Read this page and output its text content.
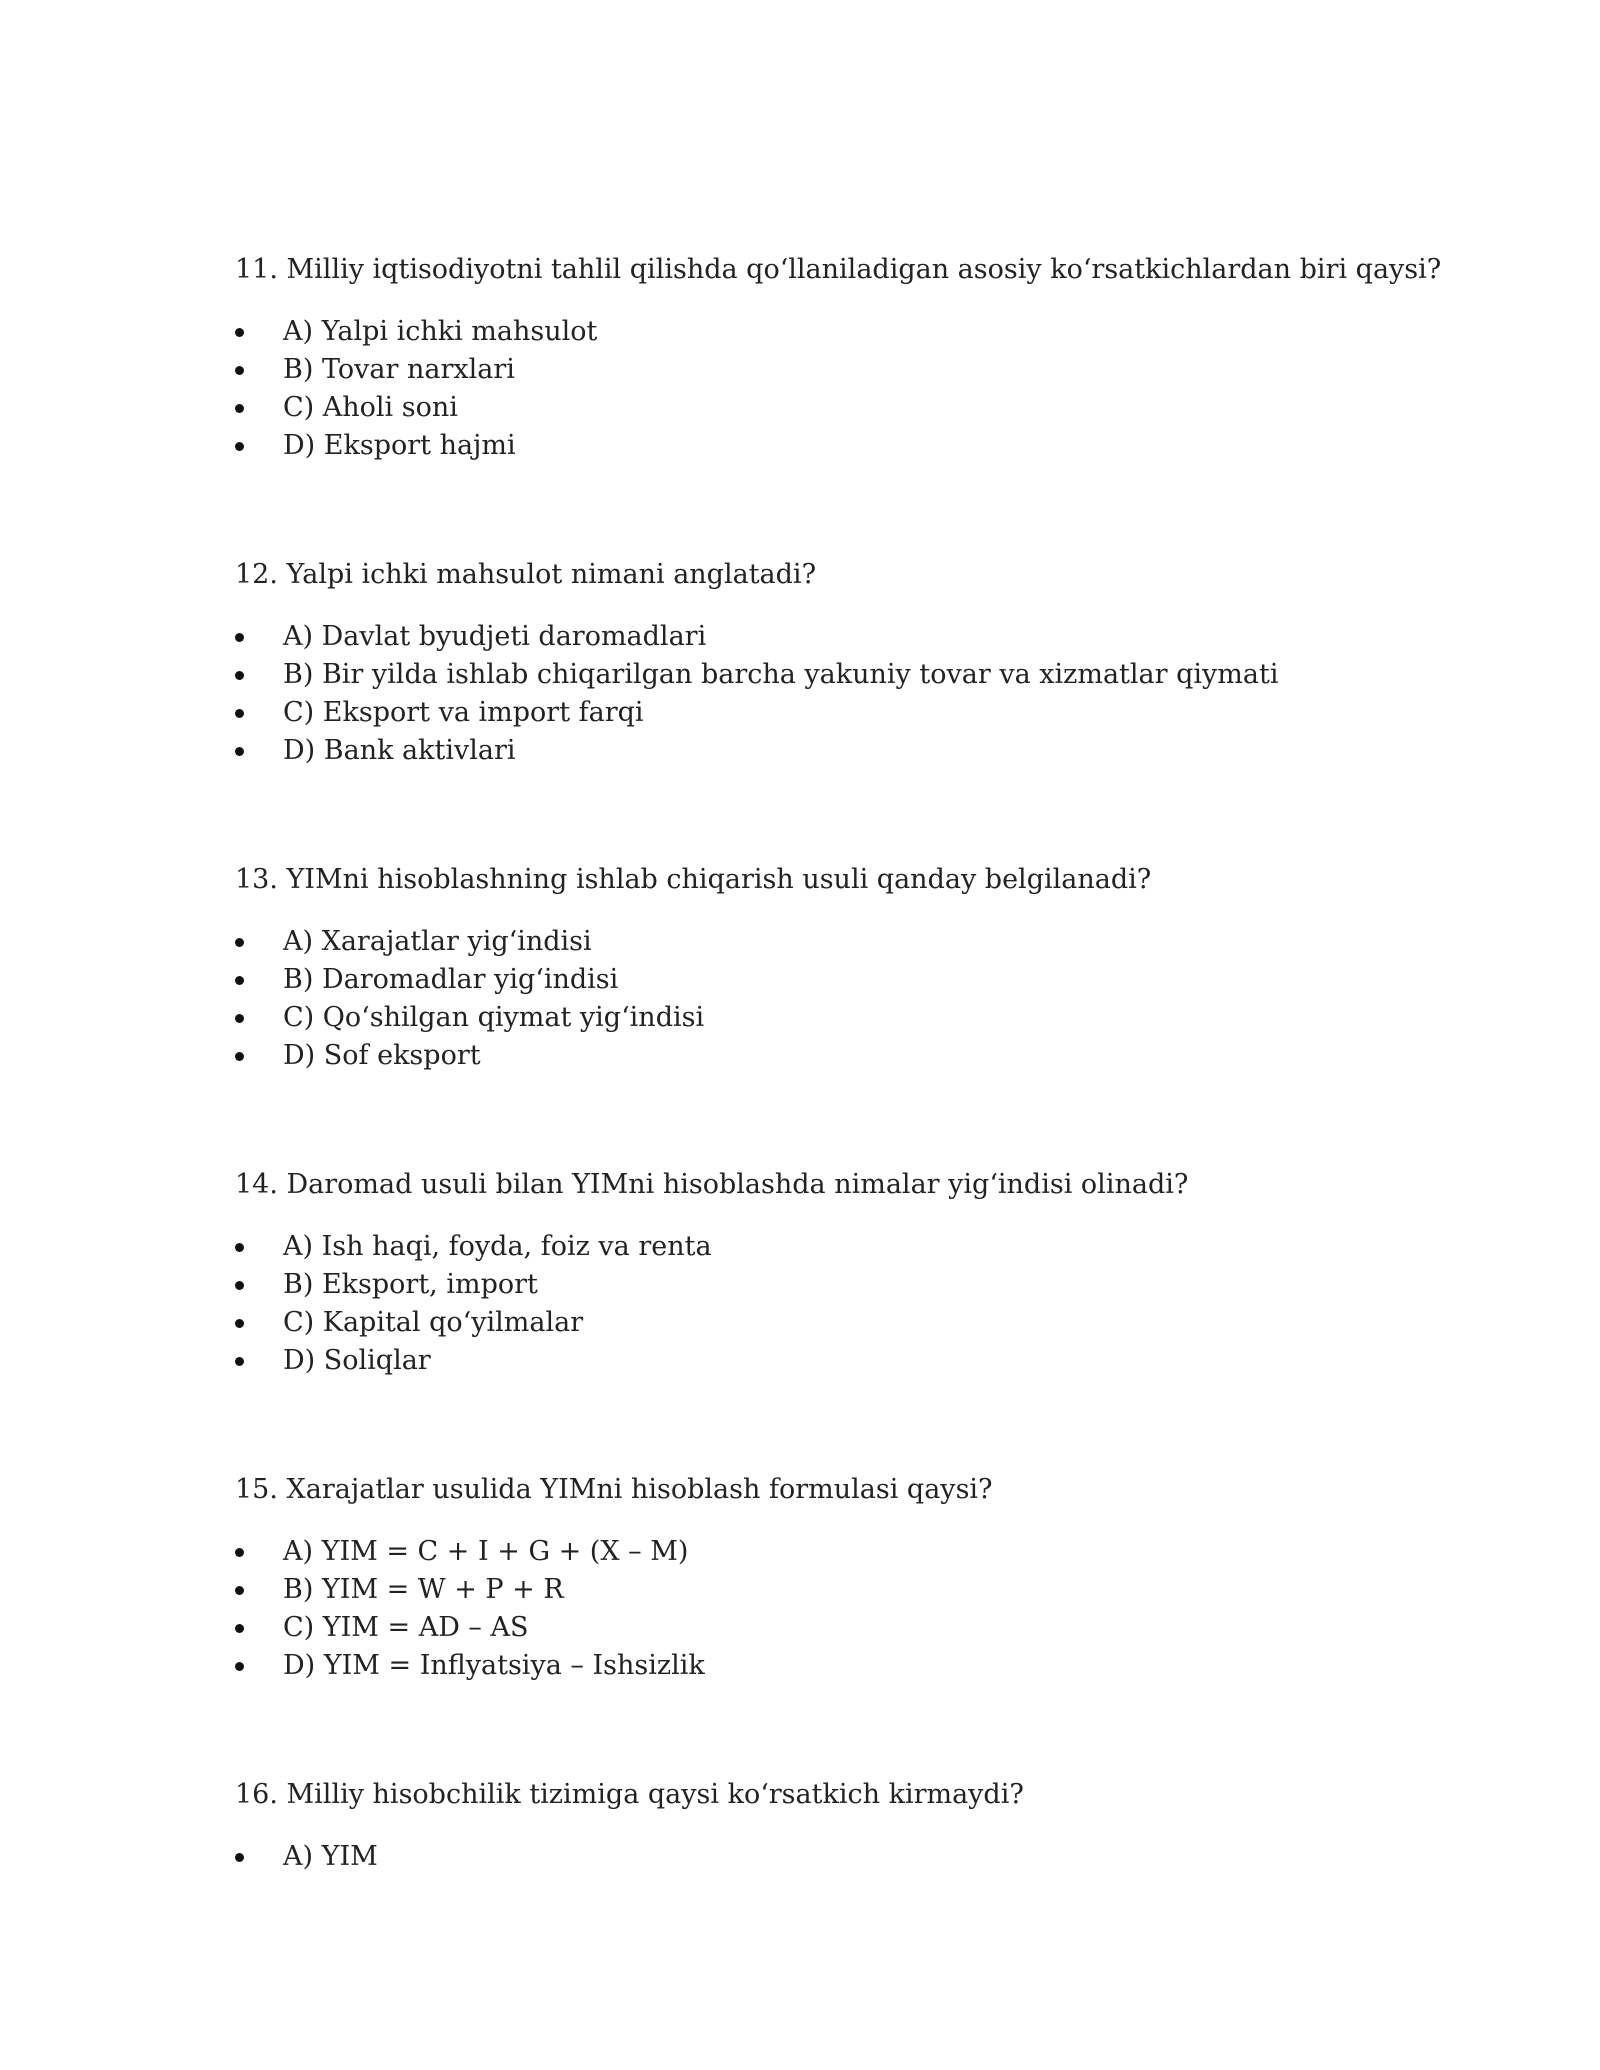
11. Milliy iqtisodiyotni tahlil qilishda qoʻllaniladigan asosiy koʻrsatkichlardan biri qaysi?

A) Yalpi ichki mahsulot
B) Tovar narxlari
C) Aholi soni
D) Eksport hajmi

12. Yalpi ichki mahsulot nimani anglatadi?

A) Davlat byudjeti daromadlari
B) Bir yilda ishlab chiqarilgan barcha yakuniy tovar va xizmatlar qiymati
C) Eksport va import farqi
D) Bank aktivlari

13. YIMni hisoblashning ishlab chiqarish usuli qanday belgilanadi?

A) Xarajatlar yigʻindisi
B) Daromadlar yigʻindisi
C) Qoʻshilgan qiymat yigʻindisi
D) Sof eksport

14. Daromad usuli bilan YIMni hisoblashda nimalar yigʻindisi olinadi?

A) Ish haqi, foyda, foiz va renta
B) Eksport, import
C) Kapital qoʻyilmalar
D) Soliqlar

15. Xarajatlar usulida YIMni hisoblash formulasi qaysi?

A) YIM = C + I + G + (X – M)
B) YIM = W + P + R
C) YIM = AD – AS
D) YIM = Inflyatsiya – Ishsizlik

16. Milliy hisobchilik tizimiga qaysi koʻrsatkich kirmaydi?

A) YIM
